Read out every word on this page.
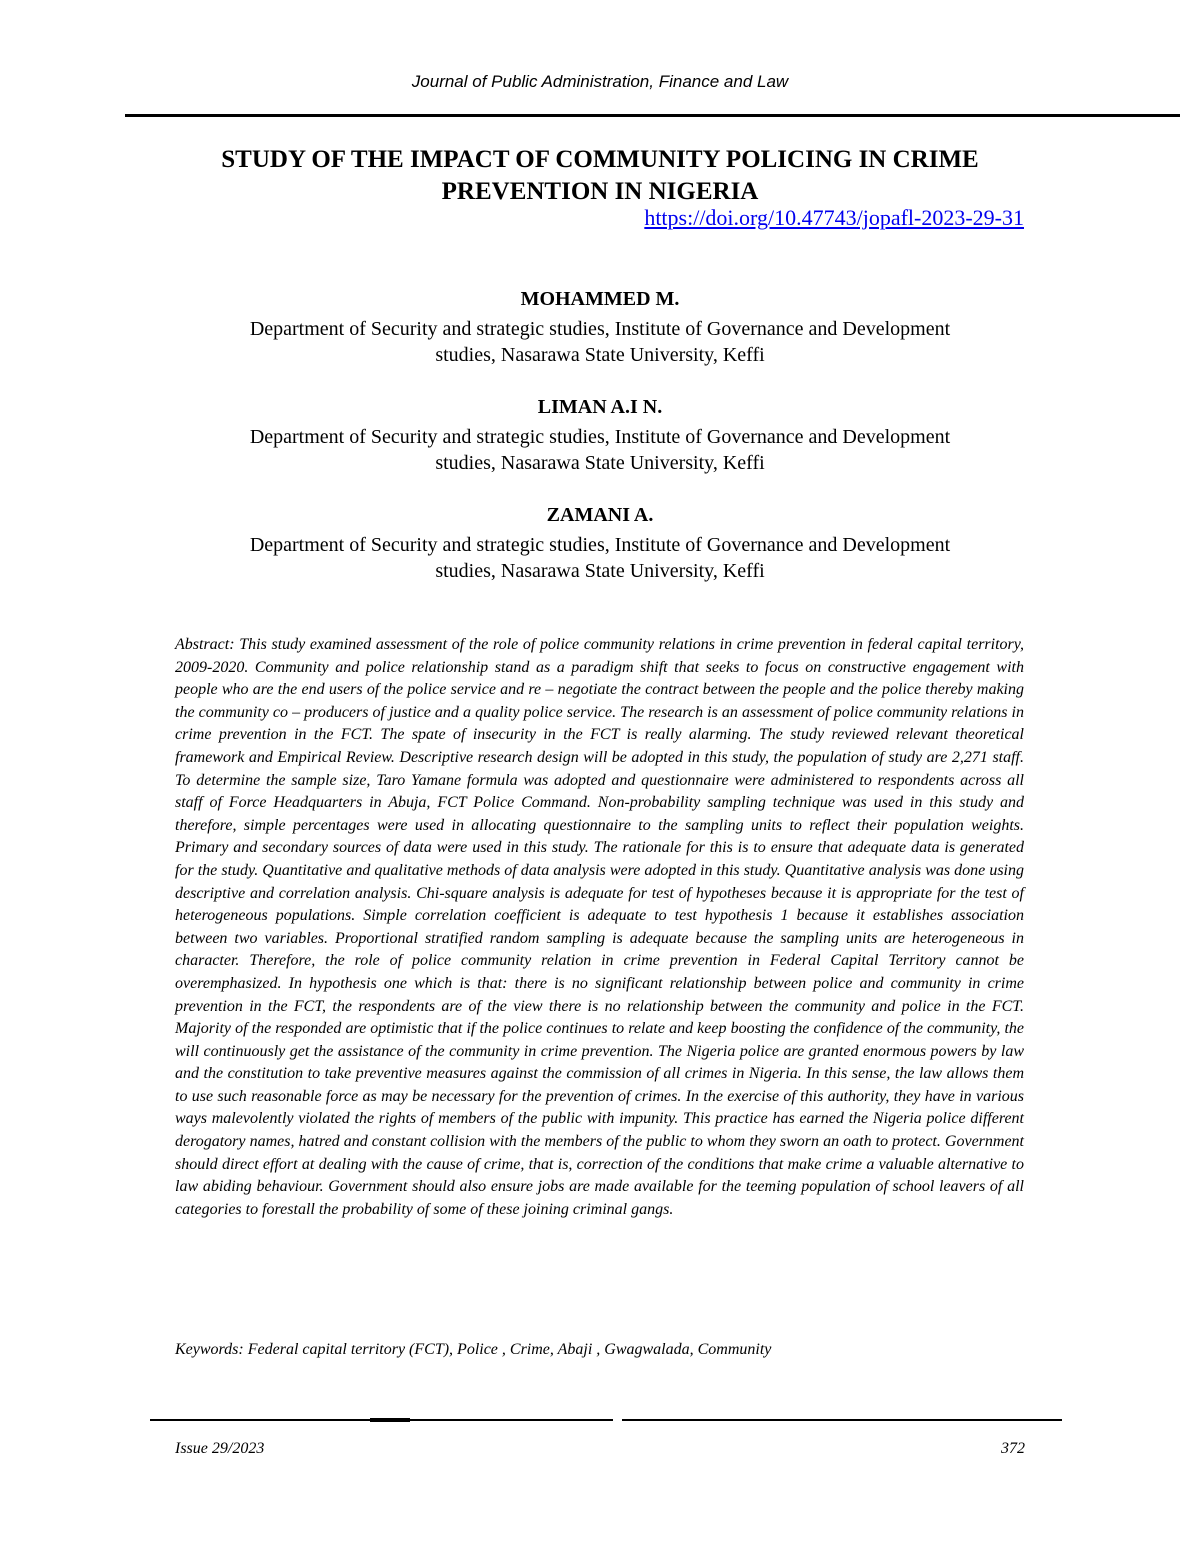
Journal of Public Administration, Finance and Law
STUDY OF THE IMPACT OF COMMUNITY POLICING IN CRIME
PREVENTION IN NIGERIA
https://doi.org/10.47743/jopafl-2023-29-31
MOHAMMED M.
Department of Security and strategic studies, Institute of Governance and Development
studies, Nasarawa State University, Keffi
LIMAN A.I N.
Department of Security and strategic studies, Institute of Governance and Development
studies, Nasarawa State University, Keffi
ZAMANI A.
Department of Security and strategic studies, Institute of Governance and Development
studies, Nasarawa State University, Keffi

Abstract: This study examined assessment of the role of police community relations in crime prevention in federal capital territory, 2009-2020. Community and police relationship stand as a paradigm shift that seeks to focus on constructive engagement with people who are the end users of the police service and re – negotiate the contract between the people and the police thereby making the community co – producers of justice and a quality police service. The research is an assessment of police community relations in crime prevention in the FCT. The spate of insecurity in the FCT is really alarming. The study reviewed relevant theoretical framework and Empirical Review. Descriptive research design will be adopted in this study, the population of study are 2,271 staff. To determine the sample size, Taro Yamane formula was adopted and questionnaire were administered to respondents across all staff of Force Headquarters in Abuja, FCT Police Command. Non-probability sampling technique was used in this study and therefore, simple percentages were used in allocating questionnaire to the sampling units to reflect their population weights. Primary and secondary sources of data were used in this study. The rationale for this is to ensure that adequate data is generated for the study. Quantitative and qualitative methods of data analysis were adopted in this study. Quantitative analysis was done using descriptive and correlation analysis. Chi-square analysis is adequate for test of hypotheses because it is appropriate for the test of heterogeneous populations. Simple correlation coefficient is adequate to test hypothesis 1 because it establishes association between two variables. Proportional stratified random sampling is adequate because the sampling units are heterogeneous in character. Therefore, the role of police community relation in crime prevention in Federal Capital Territory cannot be overemphasized. In hypothesis one which is that: there is no significant relationship between police and community in crime prevention in the FCT, the respondents are of the view there is no relationship between the community and police in the FCT. Majority of the responded are optimistic that if the police continues to relate and keep boosting the confidence of the community, the will continuously get the assistance of the community in crime prevention. The Nigeria police are granted enormous powers by law and the constitution to take preventive measures against the commission of all crimes in Nigeria. In this sense, the law allows them to use such reasonable force as may be necessary for the prevention of crimes. In the exercise of this authority, they have in various ways malevolently violated the rights of members of the public with impunity. This practice has earned the Nigeria police different derogatory names, hatred and constant collision with the members of the public to whom they sworn an oath to protect. Government should direct effort at dealing with the cause of crime, that is, correction of the conditions that make crime a valuable alternative to law abiding behaviour. Government should also ensure jobs are made available for the teeming population of school leavers of all categories to forestall the probability of some of these joining criminal gangs.

Keywords: Federal capital territory (FCT), Police , Crime, Abaji , Gwagwalada, Community
Issue 29/2023	372
